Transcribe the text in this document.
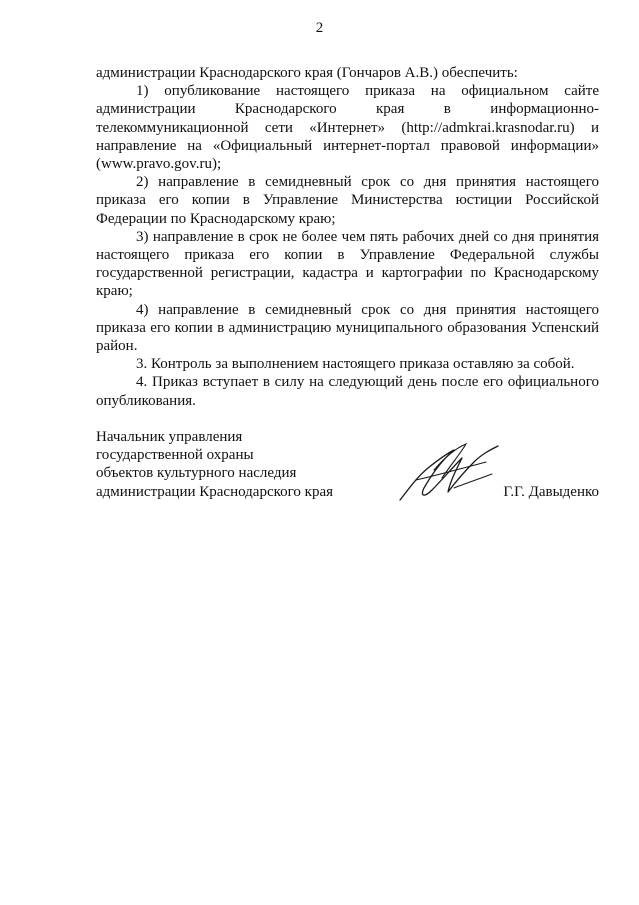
2

администрации Краснодарского края (Гончаров А.В.) обеспечить:

1) опубликование настоящего приказа на официальном сайте администрации Краснодарского края в информационно-телекоммуникационной сети «Интернет» (http://admkrai.krasnodar.ru) и направление на «Официальный интернет-портал правовой информации» (www.pravo.gov.ru);

2) направление в семидневный срок со дня принятия настоящего приказа его копии в Управление Министерства юстиции Российской Федерации по Краснодарскому краю;

3) направление в срок не более чем пять рабочих дней со дня принятия настоящего приказа его копии в Управление Федеральной службы государственной регистрации, кадастра и картографии по Краснодарскому краю;

4) направление в семидневный срок со дня принятия настоящего приказа его копии в администрацию муниципального образования Успенский район.

3. Контроль за выполнением настоящего приказа оставляю за собой.

4. Приказ вступает в силу на следующий день после его официального опубликования.

Начальник управления
государственной охраны
объектов культурного наследия
администрации Краснодарского края	Г.Г. Давыденко
